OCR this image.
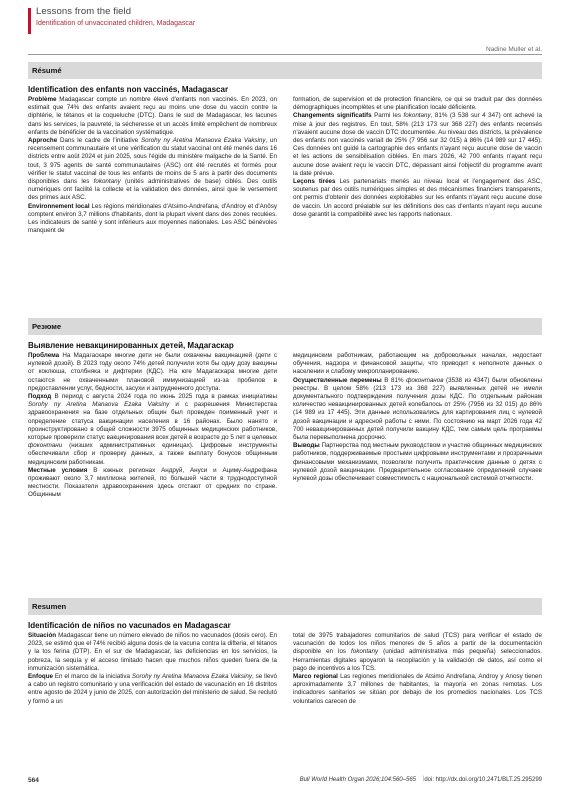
Lessons from the field
Identification of unvaccinated children, Madagascar
Nadine Muller et al.
Résumé
Identification des enfants non vaccinés, Madagascar

Problème Madagascar compte un nombre élevé d'enfants non vaccinés. En 2023, on estimait que 74% des enfants avaient reçu au moins une dose du vaccin contre la diphtérie, le tétanos et la coqueluche (DTC). Dans le sud de Madagascar, les lacunes dans les services, la pauvreté, la sécheresse et un accès limité empêchent de nombreux enfants de bénéficier de la vaccination systématique.

Approche Dans le cadre de l'initiative Sorohy ny Aretina Manaova Ezaka Vaksiny, un recensement communautaire et une vérification du statut vaccinal ont été menés dans 16 districts entre août 2024 et juin 2025, sous l'égide du ministère malgache de la Santé. En tout, 3 975 agents de santé communautaires (ASC) ont été recrutés et formés pour vérifier le statut vaccinal de tous les enfants de moins de 5 ans à partir des documents disponibles dans les fokontany (unités administratives de base) ciblés. Des outils numériques ont facilité la collecte et la validation des données, ainsi que le versement des primes aux ASC.

Environnement local Les régions méridionales d'Atsimo-Andrefana, d'Androy et d'Anôsy comptent environ 3,7 millions d'habitants, dont la plupart vivent dans des zones reculées. Les indicateurs de santé y sont inférieurs aux moyennes nationales. Les ASC bénévoles manquent de

formation, de supervision et de protection financière, ce qui se traduit par des données démographiques incomplètes et une planification locale déficiente.

Changements significatifs Parmi les fokontany, 81% (3 538 sur 4 347) ont achevé la mise à jour des registres. En tout, 58% (213 173 sur 368 227) des enfants recensés n'avaient aucune dose de vaccin DTC documentée. Au niveau des districts, la prévalence des enfants non vaccinés variait de 25% (7 956 sur 32 015) à 86% (14 989 sur 17 445). Ces données ont guidé la cartographie des enfants n'ayant reçu aucune dose de vaccin et les actions de sensibilisation ciblées. En mars 2026, 42 700 enfants n'ayant reçu aucune dose avaient reçu le vaccin DTC, dépassant ainsi l'objectif du programme avant la date prévue.

Leçons tirées Les partenariats menés au niveau local et l'engagement des ASC, soutenus par des outils numériques simples et des mécanismes financiers transparents, ont permis d'obtenir des données exploitables sur les enfants n'ayant reçu aucune dose de vaccin. Un accord préalable sur les définitions des cas d'enfants n'ayant reçu aucune dose garantit la compatibilité avec les rapports nationaux.

Резюме
Выявление невакцинированных детей, Мадагаскар

Проблема На Мадагаскаре многие дети не были охвачены вакцинацией (дети с нулевой дозой). В 2023 году около 74% детей получили хотя бы одну дозу вакцины от коклюша, столбняка и дифтерии (КДС). На юге Мадагаскара многие дети остаются не охваченными плановой иммунизацией из-за пробелов в предоставлении услуг, бедности, засухи и затрудненного доступа.

Подход В период с августа 2024 года по июнь 2025 года в рамках инициативы Sorohy ny Aretina Manaova Ezaka Vaksiny и с разрешения Министерства здравоохранения на базе отдельных общин был проведен поименный учет и определение статуса вакцинации населения в 16 районах. Было нанято и проинструктировано в общей сложности 3975 общинных медицинских работников, которые проверили статус вакцинирования всех детей в возрасте до 5 лет в целевых фоконтани (низших административных единицах). Цифровые инструменты обеспечивали сбор и проверку данных, а также выплату бонусов общинным медицинским работникам.

Местные условия В южных регионах Андруй, Ануси и Ацимү-Андрефана проживают около 3,7 миллиона жителей, по большей части в труднодоступной местности. Показатели здравоохранения здесь отстают от средних по стране. Общинным

медицинским работникам, работающим на добровольных началах, недостает обучения, надзора и финансовой защиты, что приводит к неполноте данных о населении и слабому микропланированию.

Осуществленные перемены В 81% фоконтанов (3538 из 4347) были обновлены реестры. В целом 58% (213 173 из 368 227) выявленных детей не имели документального подтверждения получения дозы КДС. По отдельным районам количество невакцинированных детей колебалось от 25% (7956 из 32 015) до 86% (14 989 из 17 445). Эти данные использовались для картирования лиц с нулевой дозой вакцинации и адресной работы с ними. По состоянию на март 2026 года 42 700 невакцинированных детей получили вакцину КДС, тем самым цель программы была перевыполнена досрочно.

Выводы Партнерства под местным руководством и участие общинных медицинских работников, поддерживаемые простыми цифровыми инструментами и прозрачными финансовыми механизмами, позволили получить практические данные о детях с нулевой дозой вакцинации. Предварительное согласование определений случаев нулевой дозы обеспечивает совместимость с национальной системой отчетности.

Resumen
Identificación de niños no vacunados en Madagascar

Situación Madagascar tiene un número elevado de niños no vacunados (dosis cero). En 2023, se estimó que el 74% recibió alguna dosis de la vacuna contra la difteria, el tétanos y la tos ferina (DTP). En el sur de Madagascar, las deficiencias en los servicios, la pobreza, la sequía y el acceso limitado hacen que muchos niños queden fuera de la inmunización sistemática.

Enfoque En el marco de la iniciativa Sorohy ny Aretina Manaova Ezaka Vaksiny, se llevó a cabo un registro comunitario y una verificación del estado de vacunación en 16 distritos entre agosto de 2024 y junio de 2025, con autorización del ministerio de salud. Se reclutó y formó a un

total de 3975 trabajadores comunitarios de salud (TCS) para verificar el estado de vacunación de todos los niños menores de 5 años a partir de la documentación disponible en los fokontany (unidad administrativa más pequeña) seleccionados. Herramientas digitales apoyaron la recopilación y la validación de datos, así como el pago de incentivos a los TCS.

Marco regional Las regiones meridionales de Atsimo Andrefana, Androy y Anosy tienen aproximadamente 3,7 millones de habitantes, la mayoría en zonas remotas. Los indicadores sanitarios se sitúan por debajo de los promedios nacionales. Los TCS voluntarios carecen de

564	Bull World Health Organ 2026;104:560–565 | doi: http://dx.doi.org/10.2471/BLT.25.295299
